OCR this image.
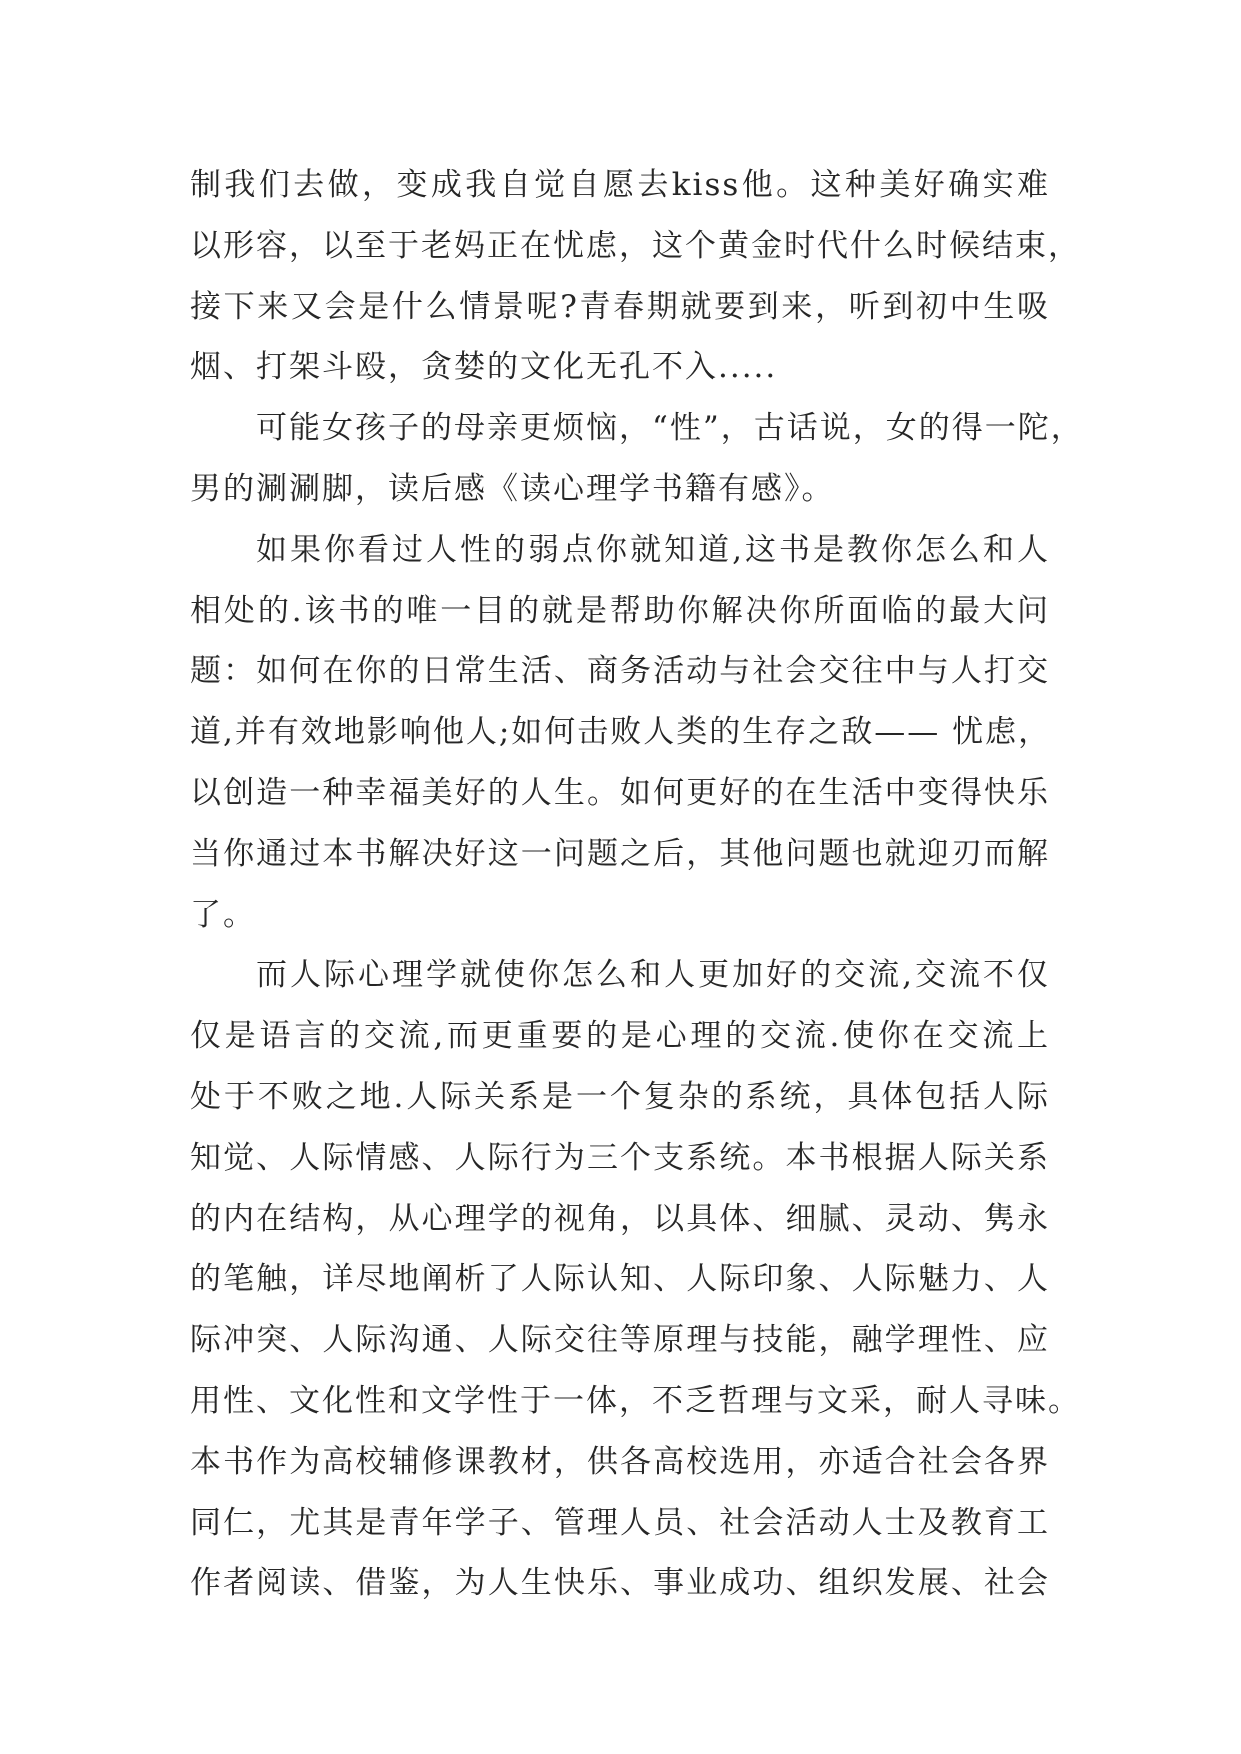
制我们去做，变成我自觉自愿去kiss他。这种美好确实难
以形容，以至于老妈正在忧虑，这个黄金时代什么时候结束，
接下来又会是什么情景呢?青春期就要到来，听到初中生吸
烟、打架斗殴，贪婪的文化无孔不入.....
可能女孩子的母亲更烦恼，“性”，古话说，女的得一陀，
男的涮涮脚，读后感《读心理学书籍有感》。
如果你看过人性的弱点你就知道,这书是教你怎么和人
相处的.该书的唯一目的就是帮助你解决你所面临的最大问
题：如何在你的日常生活、商务活动与社会交往中与人打交
道,并有效地影响他人;如何击败人类的生存之敌—— 忧虑，
以创造一种幸福美好的人生。如何更好的在生活中变得快乐
当你通过本书解决好这一问题之后，其他问题也就迎刃而解
了。
而人际心理学就使你怎么和人更加好的交流,交流不仅
仅是语言的交流,而更重要的是心理的交流.使你在交流上
处于不败之地.人际关系是一个复杂的系统，具体包括人际
知觉、人际情感、人际行为三个支系统。本书根据人际关系
的内在结构，从心理学的视角，以具体、细腻、灵动、隽永
的笔触，详尽地阐析了人际认知、人际印象、人际魅力、人
际冲突、人际沟通、人际交往等原理与技能，融学理性、应
用性、文化性和文学性于一体，不乏哲理与文采，耐人寻味。
本书作为高校辅修课教材，供各高校选用，亦适合社会各界
同仁，尤其是青年学子、管理人员、社会活动人士及教育工
作者阅读、借鉴，为人生快乐、事业成功、组织发展、社会
